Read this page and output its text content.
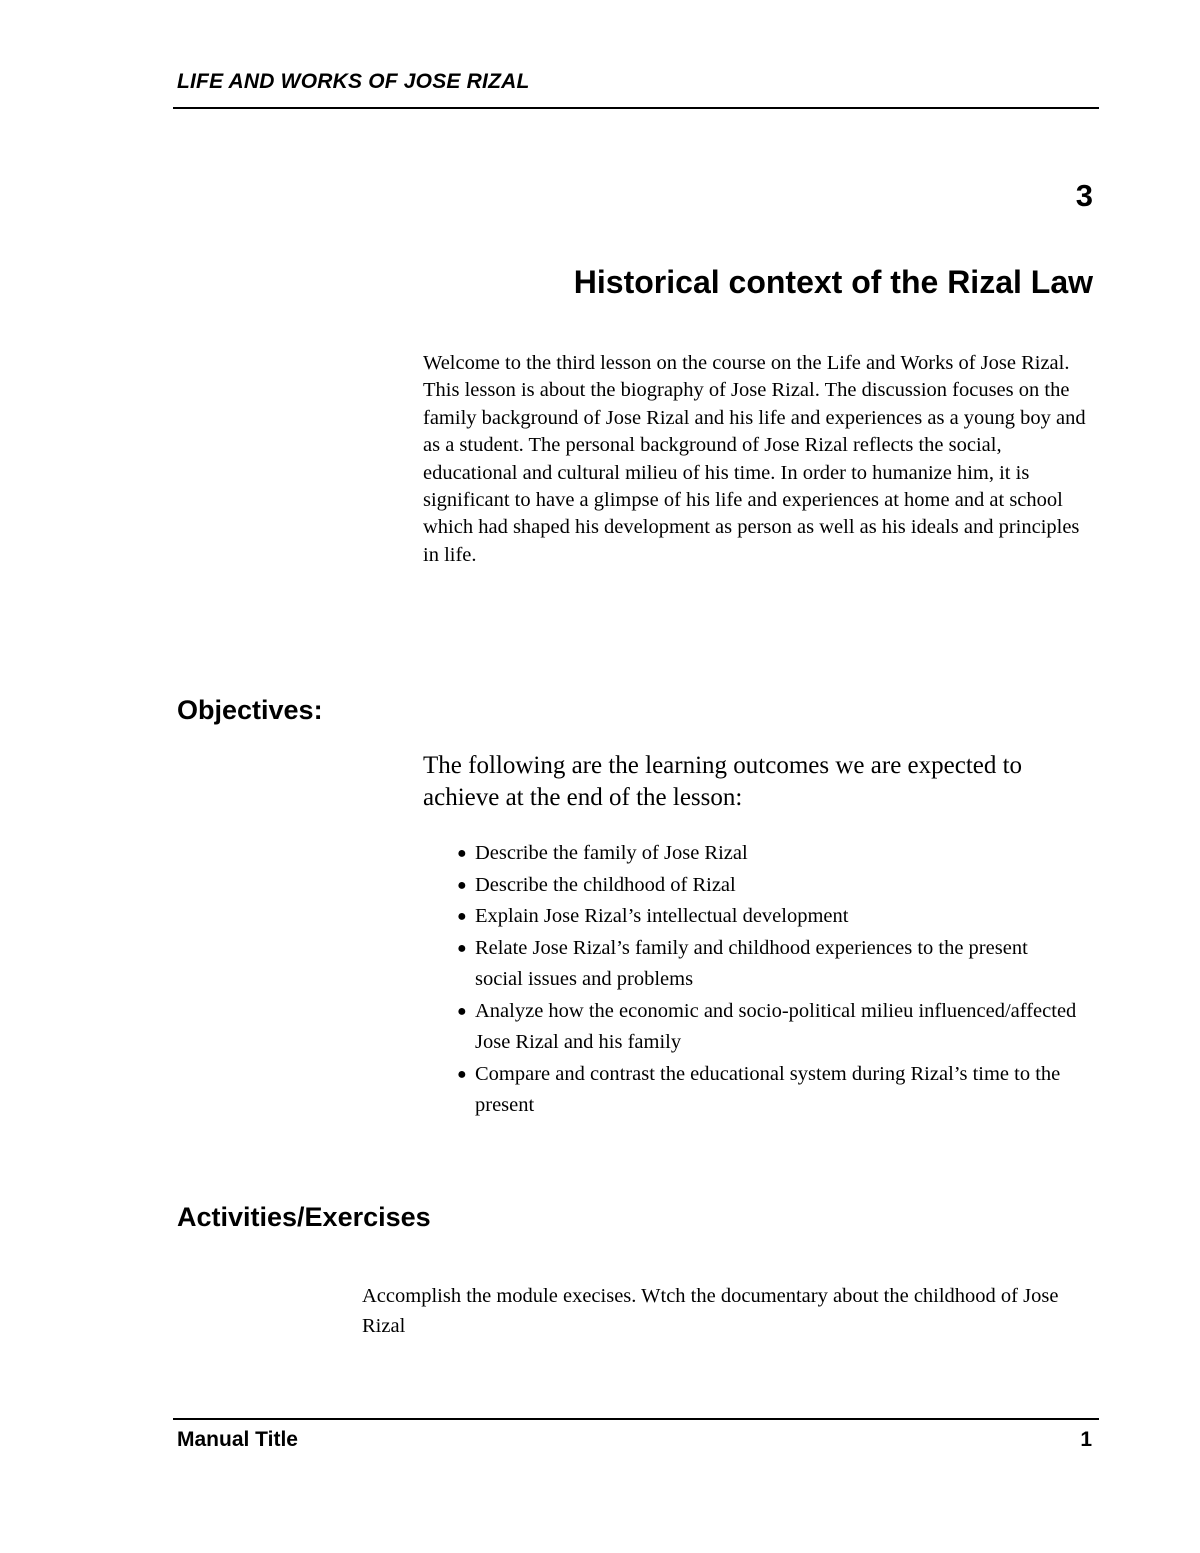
LIFE AND WORKS OF JOSE RIZAL
3
Historical context of the Rizal Law

Welcome to the third lesson on the course on the Life and Works of Jose Rizal. This lesson is about the biography of Jose Rizal. The discussion focuses on the family background of Jose Rizal and his life and experiences as a young boy and as a student. The personal background of Jose Rizal reflects the social, educational and cultural milieu of his time. In order to humanize him, it is significant to have a glimpse of his life and experiences at home and at school which had shaped his development as person as well as his ideals and principles in life.

Objectives:

The following are the learning outcomes we are expected to achieve at the end of the lesson:

● Describe the family of Jose Rizal
● Describe the childhood of Rizal
● Explain Jose Rizal’s intellectual development
● Relate Jose Rizal’s family and childhood experiences to the present social issues and problems
● Analyze how the economic and socio-political milieu influenced/affected Jose Rizal and his family
● Compare and contrast the educational system during Rizal’s time to the present
Activities/Exercises

Accomplish the module execises. Wtch the documentary about the childhood of Jose Rizal

Manual Title	1
